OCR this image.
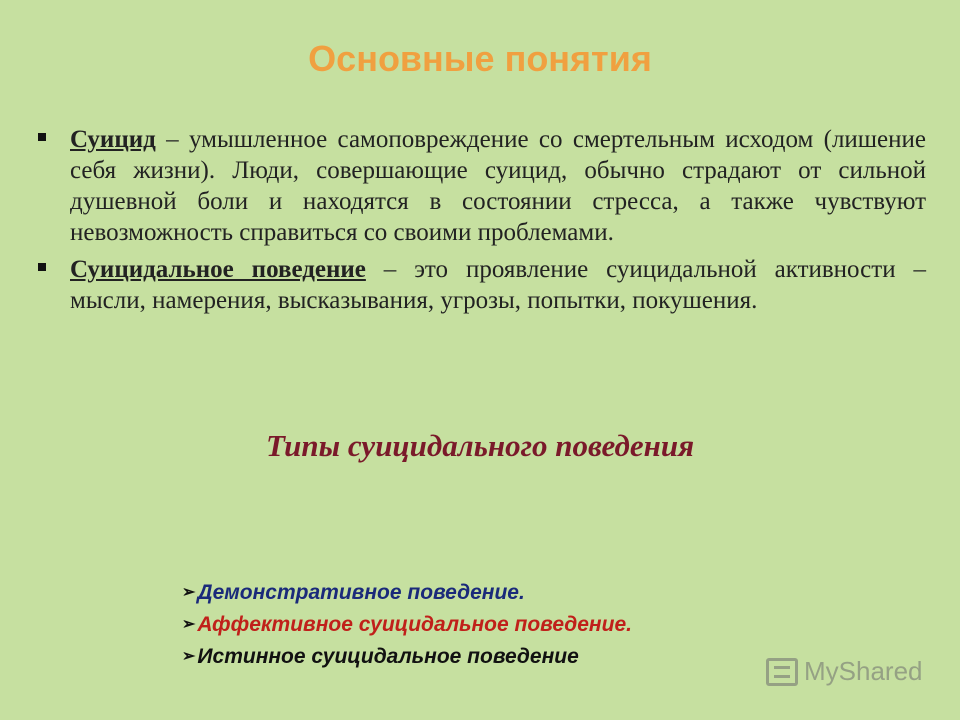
Основные понятия
Суицид – умышленное самоповреждение со смертельным исходом (лишение себя жизни). Люди, совершающие суицид, обычно страдают от сильной душевной боли и находятся в состоянии стресса, а также чувствуют невозможность справиться со своими проблемами.
Суицидальное поведение – это проявление суицидальной активности – мысли, намерения, высказывания, угрозы, попытки, покушения.
Типы суицидального поведения
➢ Демонстративное поведение.
➢ Аффективное суицидальное поведение.
➢ Истинное суицидальное поведение	MyShared
